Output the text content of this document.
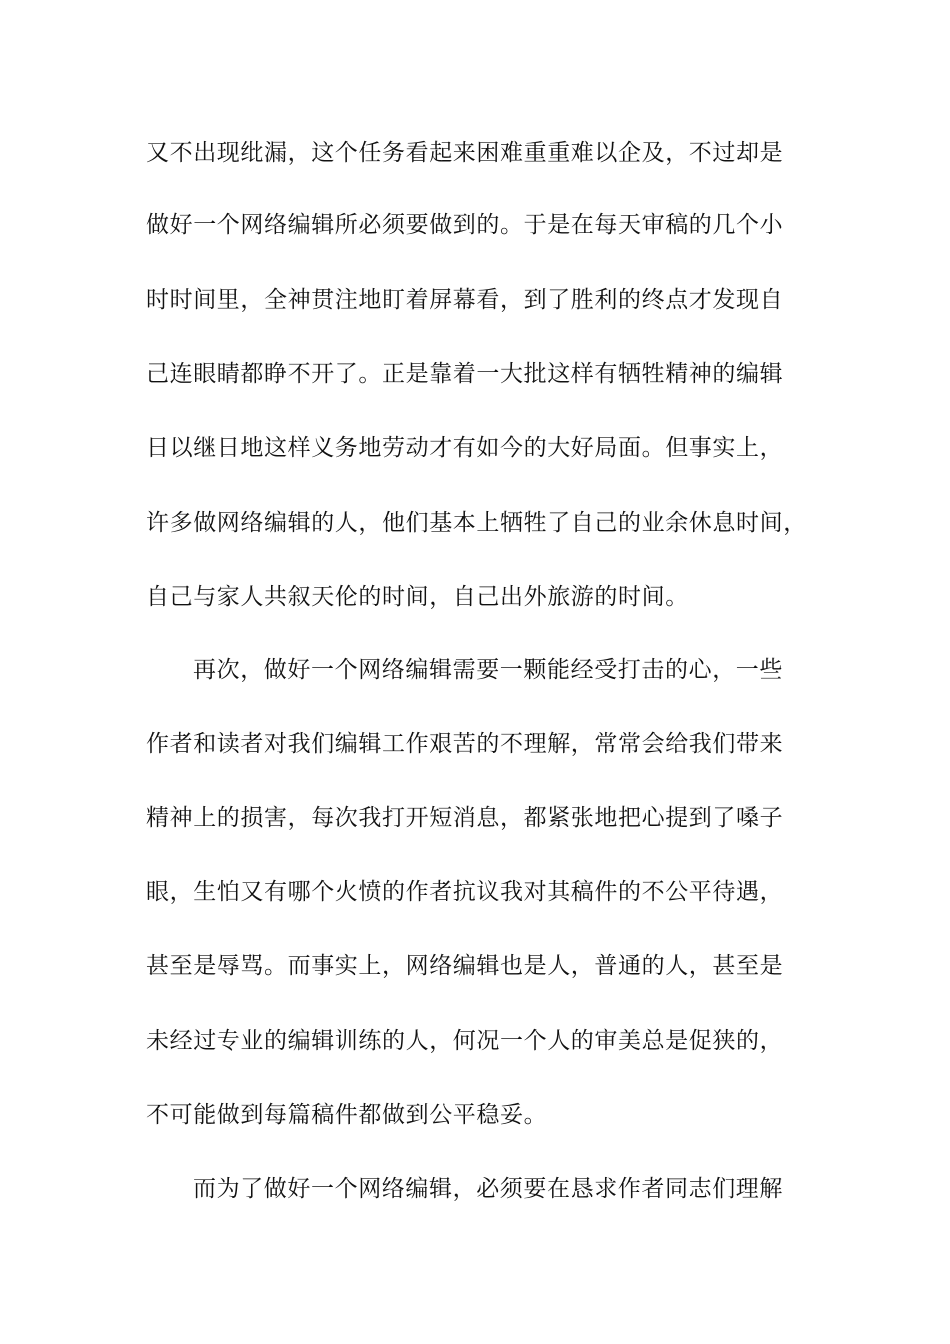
又不出现纰漏，这个任务看起来困难重重难以企及，不过却是
做好一个网络编辑所必须要做到的。于是在每天审稿的几个小
时时间里，全神贯注地盯着屏幕看，到了胜利的终点才发现自
己连眼睛都睁不开了。正是靠着一大批这样有牺牲精神的编辑
日以继日地这样义务地劳动才有如今的大好局面。但事实上，
许多做网络编辑的人，他们基本上牺牲了自己的业余休息时间，
自己与家人共叙天伦的时间，自己出外旅游的时间。
再次，做好一个网络编辑需要一颗能经受打击的心，一些
作者和读者对我们编辑工作艰苦的不理解，常常会给我们带来
精神上的损害，每次我打开短消息，都紧张地把心提到了嗓子
眼，生怕又有哪个火愤的作者抗议我对其稿件的不公平待遇，
甚至是辱骂。而事实上，网络编辑也是人，普通的人，甚至是
未经过专业的编辑训练的人，何况一个人的审美总是促狭的，
不可能做到每篇稿件都做到公平稳妥。
而为了做好一个网络编辑，必须要在恳求作者同志们理解
